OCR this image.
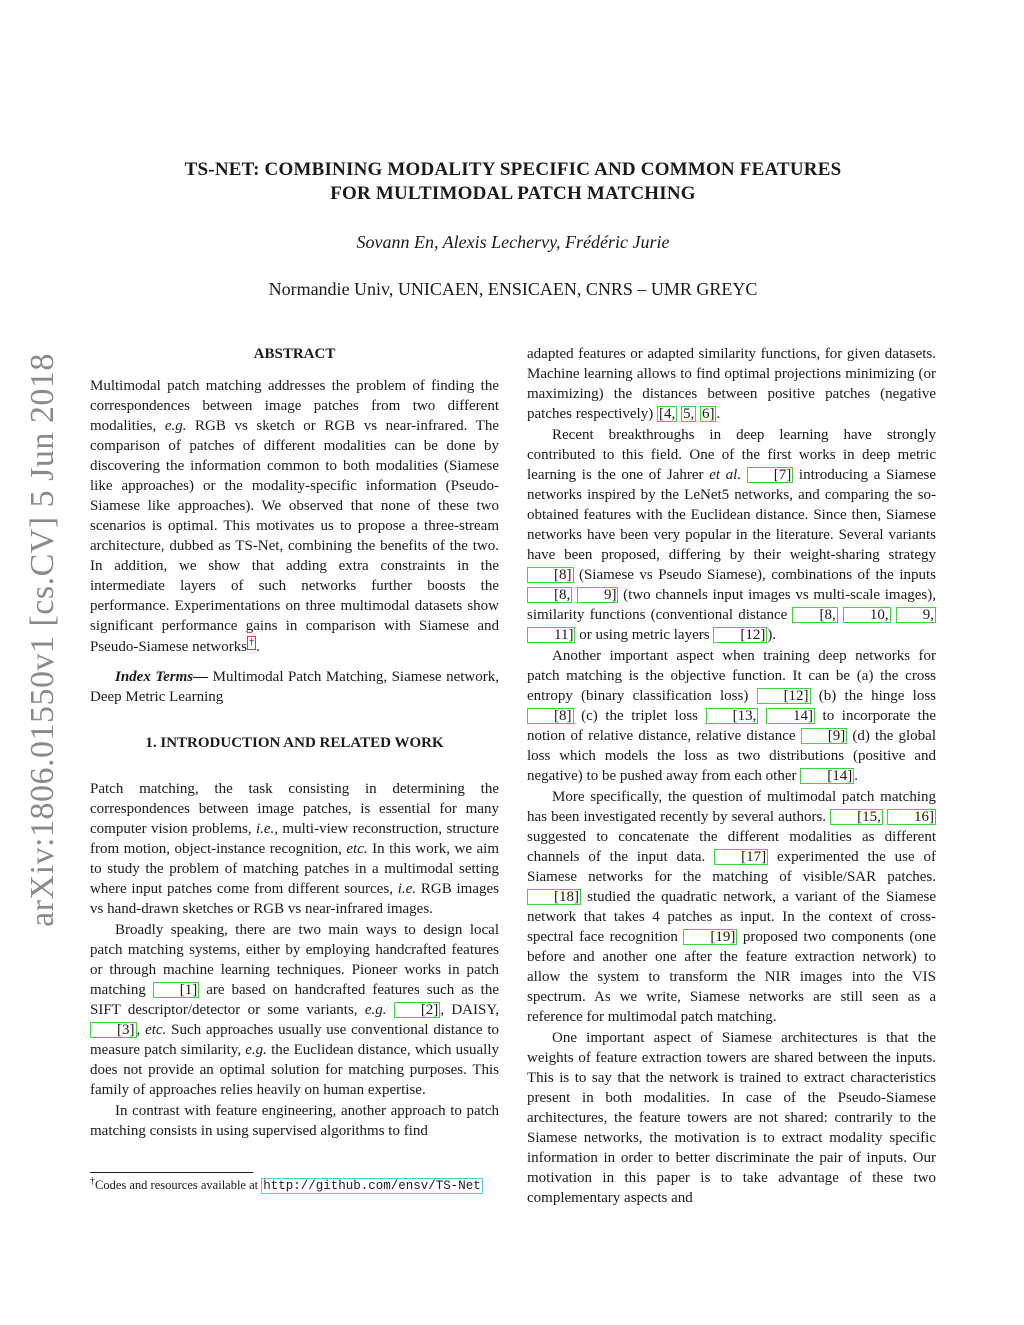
arXiv:1806.01550v1 [cs.CV] 5 Jun 2018
TS-NET: COMBINING MODALITY SPECIFIC AND COMMON FEATURES
FOR MULTIMODAL PATCH MATCHING
Sovann En, Alexis Lechervy, Frédéric Jurie
Normandie Univ, UNICAEN, ENSICAEN, CNRS – UMR GREYC
ABSTRACT

Multimodal patch matching addresses the problem of finding the correspondences between image patches from two different modalities, e.g. RGB vs sketch or RGB vs near-infrared. The comparison of patches of different modalities can be done by discovering the information common to both modalities (Siamese like approaches) or the modality-specific information (Pseudo-Siamese like approaches). We observed that none of these two scenarios is optimal. This motivates us to propose a three-stream architecture, dubbed as TS-Net, combining the benefits of the two. In addition, we show that adding extra constraints in the intermediate layers of such networks further boosts the performance. Experimentations on three multimodal datasets show significant performance gains in comparison with Siamese and Pseudo-Siamese networks † .

Index Terms— Multimodal Patch Matching, Siamese network, Deep Metric Learning

1. INTRODUCTION AND RELATED WORK

Patch matching, the task consisting in determining the correspondences between image patches, is essential for many computer vision problems, i.e., multi-view reconstruction, structure from motion, object-instance recognition, etc. In this work, we aim to study the problem of matching patches in a multimodal setting where input patches come from different sources, i.e. RGB images vs hand-drawn sketches or RGB vs near-infrared images.

Broadly speaking, there are two main ways to design local patch matching systems, either by employing handcrafted features or through machine learning techniques. Pioneer works in patch matching [1] are based on handcrafted features such as the SIFT descriptor/detector or some variants, e.g. [2] , DAISY, [3] , etc. Such approaches usually use conventional distance to measure patch similarity, e.g. the Euclidean distance, which usually does not provide an optimal solution for matching purposes. This family of approaches relies heavily on human expertise.

In contrast with feature engineering, another approach to patch matching consists in using supervised algorithms to find

†Codes and resources available at http://github.com/ensv/TS-Net

adapted features or adapted similarity functions, for given datasets. Machine learning allows to find optimal projections minimizing (or maximizing) the distances between positive patches (negative patches respectively) [4, 5, 6] .

Recent breakthroughs in deep learning have strongly contributed to this field. One of the first works in deep metric learning is the one of Jahrer et al. [7] introducing a Siamese networks inspired by the LeNet5 networks, and comparing the so-obtained features with the Euclidean distance. Since then, Siamese networks have been very popular in the literature. Several variants have been proposed, differing by their weight-sharing strategy [8] (Siamese vs Pseudo Siamese), combinations of the inputs [8, 9] (two channels input images vs multi-scale images), similarity functions (conventional distance [8, 10, 9, 11] or using metric layers [12] ).

Another important aspect when training deep networks for patch matching is the objective function. It can be (a) the cross entropy (binary classification loss) [12] (b) the hinge loss [8] (c) the triplet loss [13, 14] to incorporate the notion of relative distance, relative distance [9] (d) the global loss which models the loss as two distributions (positive and negative) to be pushed away from each other [14] .

More specifically, the question of multimodal patch matching has been investigated recently by several authors. [15, 16] suggested to concatenate the different modalities as different channels of the input data. [17] experimented the use of Siamese networks for the matching of visible/SAR patches. [18] studied the quadratic network, a variant of the Siamese network that takes 4 patches as input. In the context of cross-spectral face recognition [19] proposed two components (one before and another one after the feature extraction network) to allow the system to transform the NIR images into the VIS spectrum. As we write, Siamese networks are still seen as a reference for multimodal patch matching.

One important aspect of Siamese architectures is that the weights of feature extraction towers are shared between the inputs. This is to say that the network is trained to extract characteristics present in both modalities. In case of the Pseudo-Siamese architectures, the feature towers are not shared: contrarily to the Siamese networks, the motivation is to extract modality specific information in order to better discriminate the pair of inputs. Our motivation in this paper is to take advantage of these two complementary aspects and
